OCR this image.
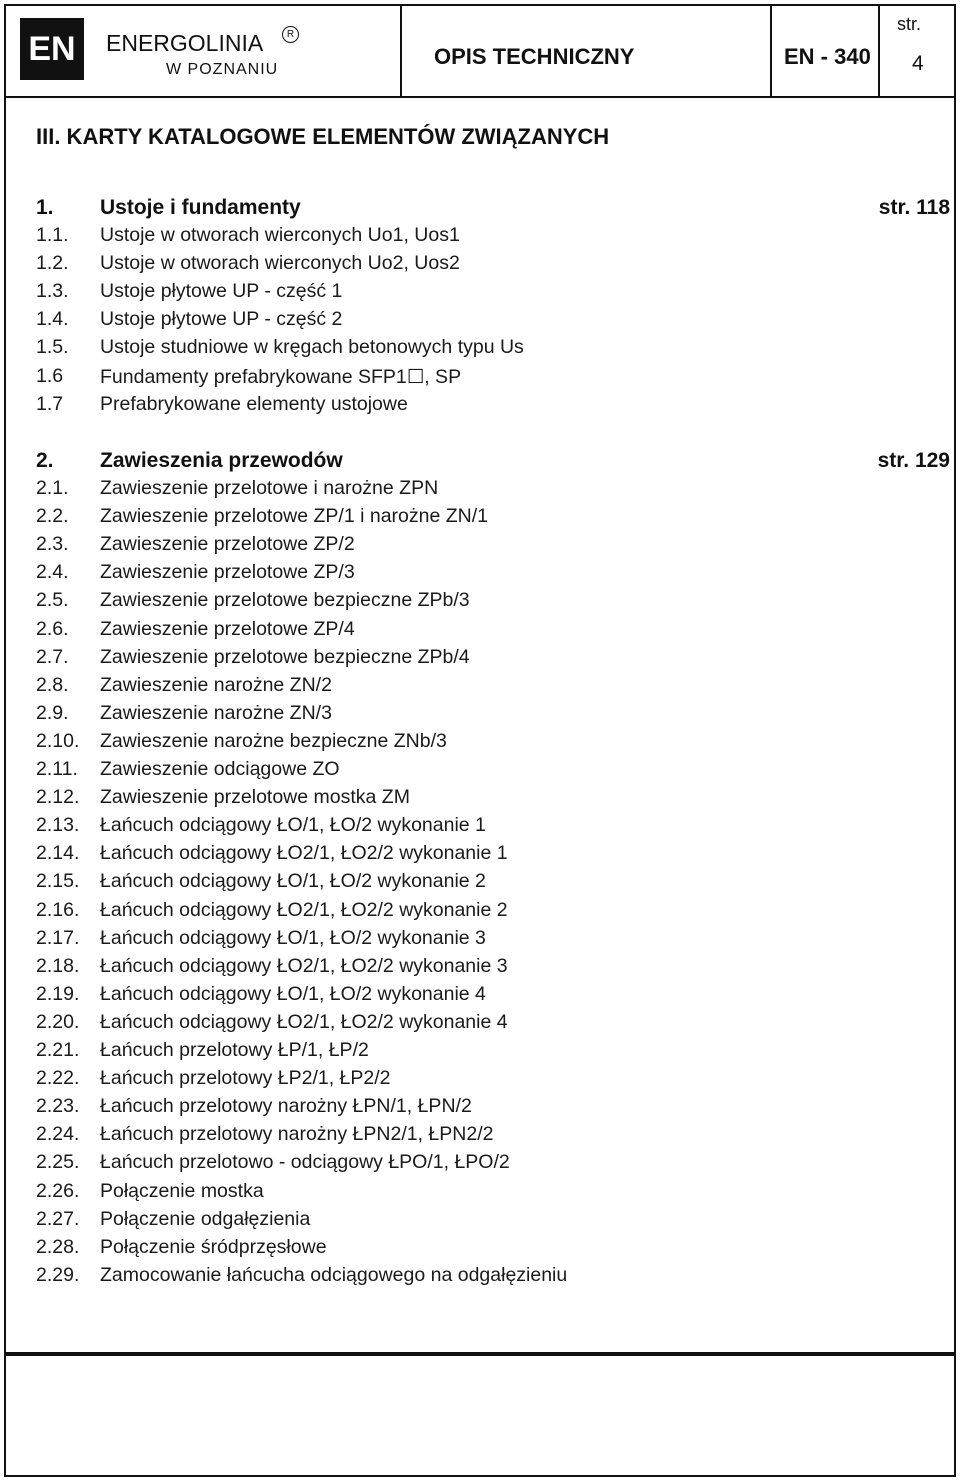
EN	ENERGOLINIA	R
W POZNANIU
OPIS TECHNICZNY	EN - 340
str.
4
III. KARTY KATALOGOWE ELEMENTÓW ZWIĄZANYCH
1. Ustoje i fundamenty	str. 118
1.1. Ustoje w otworach wierconych Uo1, Uos1
1.2. Ustoje w otworach wierconych Uo2, Uos2
1.3. Ustoje płytowe UP - część 1
1.4. Ustoje płytowe UP - część 2
1.5. Ustoje studniowe w kręgach betonowych typu Us
1.6 Fundamenty prefabrykowane SFP1☐, SP
1.7 Prefabrykowane elementy ustojowe
2. Zawieszenia przewodów	str. 129
2.1. Zawieszenie przelotowe i narożne ZPN
2.2. Zawieszenie przelotowe ZP/1 i narożne ZN/1
2.3. Zawieszenie przelotowe ZP/2
2.4. Zawieszenie przelotowe ZP/3
2.5. Zawieszenie przelotowe bezpieczne ZPb/3
2.6. Zawieszenie przelotowe ZP/4
2.7. Zawieszenie przelotowe bezpieczne ZPb/4
2.8. Zawieszenie narożne ZN/2
2.9. Zawieszenie narożne ZN/3
2.10. Zawieszenie narożne bezpieczne ZNb/3
2.11. Zawieszenie odciągowe ZO
2.12. Zawieszenie przelotowe mostka ZM
2.13. Łańcuch odciągowy ŁO/1, ŁO/2 wykonanie 1
2.14. Łańcuch odciągowy ŁO2/1, ŁO2/2 wykonanie 1
2.15. Łańcuch odciągowy ŁO/1, ŁO/2 wykonanie 2
2.16. Łańcuch odciągowy ŁO2/1, ŁO2/2 wykonanie 2
2.17. Łańcuch odciągowy ŁO/1, ŁO/2 wykonanie 3
2.18. Łańcuch odciągowy ŁO2/1, ŁO2/2 wykonanie 3
2.19. Łańcuch odciągowy ŁO/1, ŁO/2 wykonanie 4
2.20. Łańcuch odciągowy ŁO2/1, ŁO2/2 wykonanie 4
2.21. Łańcuch przelotowy ŁP/1, ŁP/2
2.22. Łańcuch przelotowy ŁP2/1, ŁP2/2
2.23. Łańcuch przelotowy narożny ŁPN/1, ŁPN/2
2.24. Łańcuch przelotowy narożny ŁPN2/1, ŁPN2/2
2.25. Łańcuch przelotowo - odciągowy ŁPO/1, ŁPO/2
2.26. Połączenie mostka
2.27. Połączenie odgałęzienia
2.28. Połączenie śródprzęsłowe
2.29. Zamocowanie łańcucha odciągowego na odgałęzieniu
